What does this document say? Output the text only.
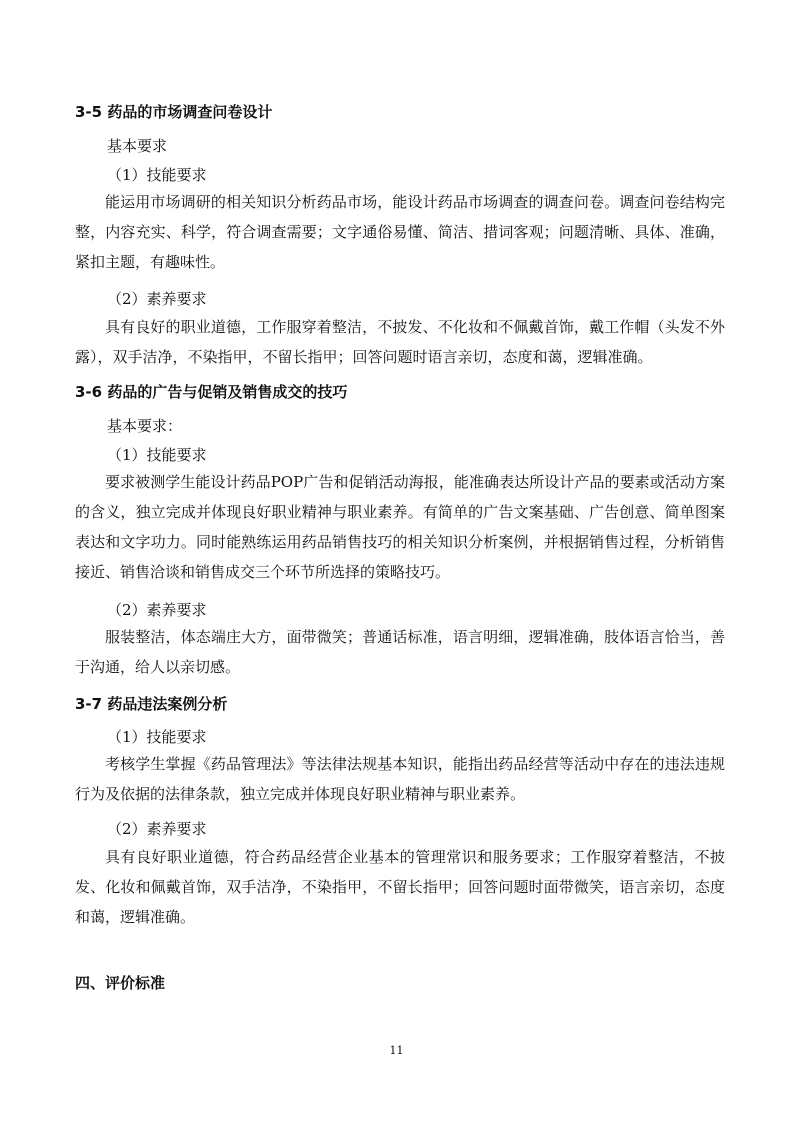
3-5 药品的市场调查问卷设计
基本要求
（1）技能要求
能运用市场调研的相关知识分析药品市场，能设计药品市场调查的调查问卷。调查问卷结构完整，内容充实、科学，符合调查需要；文字通俗易懂、简洁、措词客观；问题清晰、具体、准确，紧扣主题，有趣味性。
（2）素养要求
具有良好的职业道德，工作服穿着整洁，不披发、不化妆和不佩戴首饰，戴工作帽（头发不外露），双手洁净，不染指甲，不留长指甲；回答问题时语言亲切，态度和蔼，逻辑准确。
3-6 药品的广告与促销及销售成交的技巧
基本要求：
（1）技能要求
要求被测学生能设计药品POP广告和促销活动海报，能准确表达所设计产品的要素或活动方案的含义，独立完成并体现良好职业精神与职业素养。有简单的广告文案基础、广告创意、简单图案表达和文字功力。同时能熟练运用药品销售技巧的相关知识分析案例，并根据销售过程，分析销售接近、销售洽谈和销售成交三个环节所选择的策略技巧。
（2）素养要求
服装整洁，体态端庄大方，面带微笑；普通话标准，语言明细，逻辑准确，肢体语言恰当，善于沟通，给人以亲切感。
3-7 药品违法案例分析
（1）技能要求
考核学生掌握《药品管理法》等法律法规基本知识，能指出药品经营等活动中存在的违法违规行为及依据的法律条款，独立完成并体现良好职业精神与职业素养。
（2）素养要求
具有良好职业道德，符合药品经营企业基本的管理常识和服务要求；工作服穿着整洁，不披发、化妆和佩戴首饰，双手洁净，不染指甲，不留长指甲；回答问题时面带微笑，语言亲切，态度和蔼，逻辑准确。
四、评价标准
11
